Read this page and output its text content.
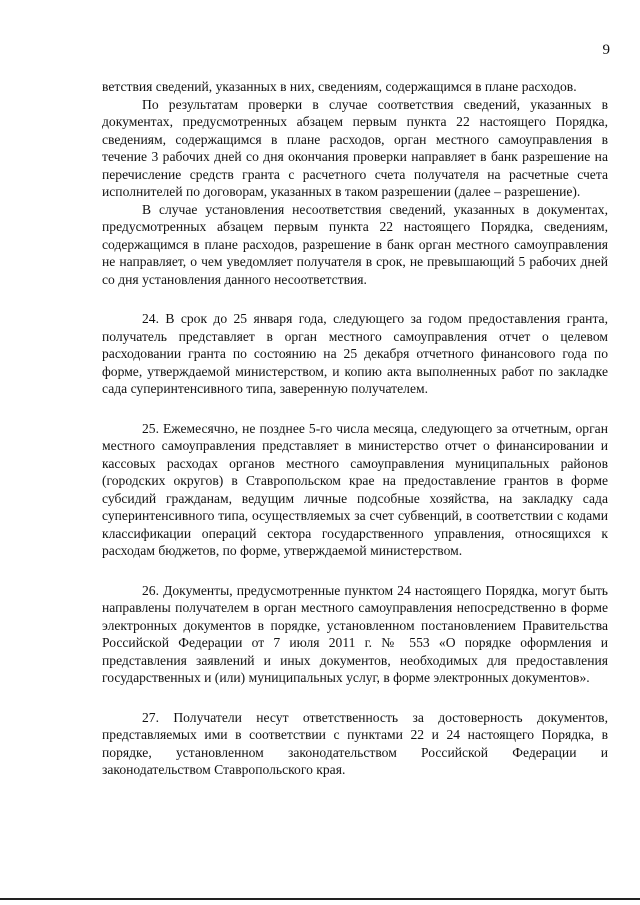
9

ветствия сведений, указанных в них, сведениям, содержащимся в плане расходов.

По результатам проверки в случае соответствия сведений, указанных в документах, предусмотренных абзацем первым пункта 22 настоящего Порядка, сведениям, содержащимся в плане расходов, орган местного самоуправления в течение 3 рабочих дней со дня окончания проверки направляет в банк разрешение на перечисление средств гранта с расчетного счета получателя на расчетные счета исполнителей по договорам, указанных в таком разрешении (далее – разрешение).

В случае установления несоответствия сведений, указанных в документах, предусмотренных абзацем первым пункта 22 настоящего Порядка, сведениям, содержащимся в плане расходов, разрешение в банк орган местного самоуправления не направляет, о чем уведомляет получателя в срок, не превышающий 5 рабочих дней со дня установления данного несоответствия.

24. В срок до 25 января года, следующего за годом предоставления гранта, получатель представляет в орган местного самоуправления отчет о целевом расходовании гранта по состоянию на 25 декабря отчетного финансового года по форме, утверждаемой министерством, и копию акта выполненных работ по закладке сада суперинтенсивного типа, заверенную получателем.

25. Ежемесячно, не позднее 5-го числа месяца, следующего за отчетным, орган местного самоуправления представляет в министерство отчет о финансировании и кассовых расходах органов местного самоуправления муниципальных районов (городских округов) в Ставропольском крае на предоставление грантов в форме субсидий гражданам, ведущим личные подсобные хозяйства, на закладку сада суперинтенсивного типа, осуществляемых за счет субвенций, в соответствии с кодами классификации операций сектора государственного управления, относящихся к расходам бюджетов, по форме, утверждаемой министерством.

26. Документы, предусмотренные пунктом 24 настоящего Порядка, могут быть направлены получателем в орган местного самоуправления непосредственно в форме электронных документов в порядке, установленном постановлением Правительства Российской Федерации от 7 июля 2011 г. № 553 «О порядке оформления и представления заявлений и иных документов, необходимых для предоставления государственных и (или) муниципальных услуг, в форме электронных документов».

27. Получатели несут ответственность за достоверность документов, представляемых ими в соответствии с пунктами 22 и 24 настоящего Порядка, в порядке, установленном законодательством Российской Федерации и законодательством Ставропольского края.
